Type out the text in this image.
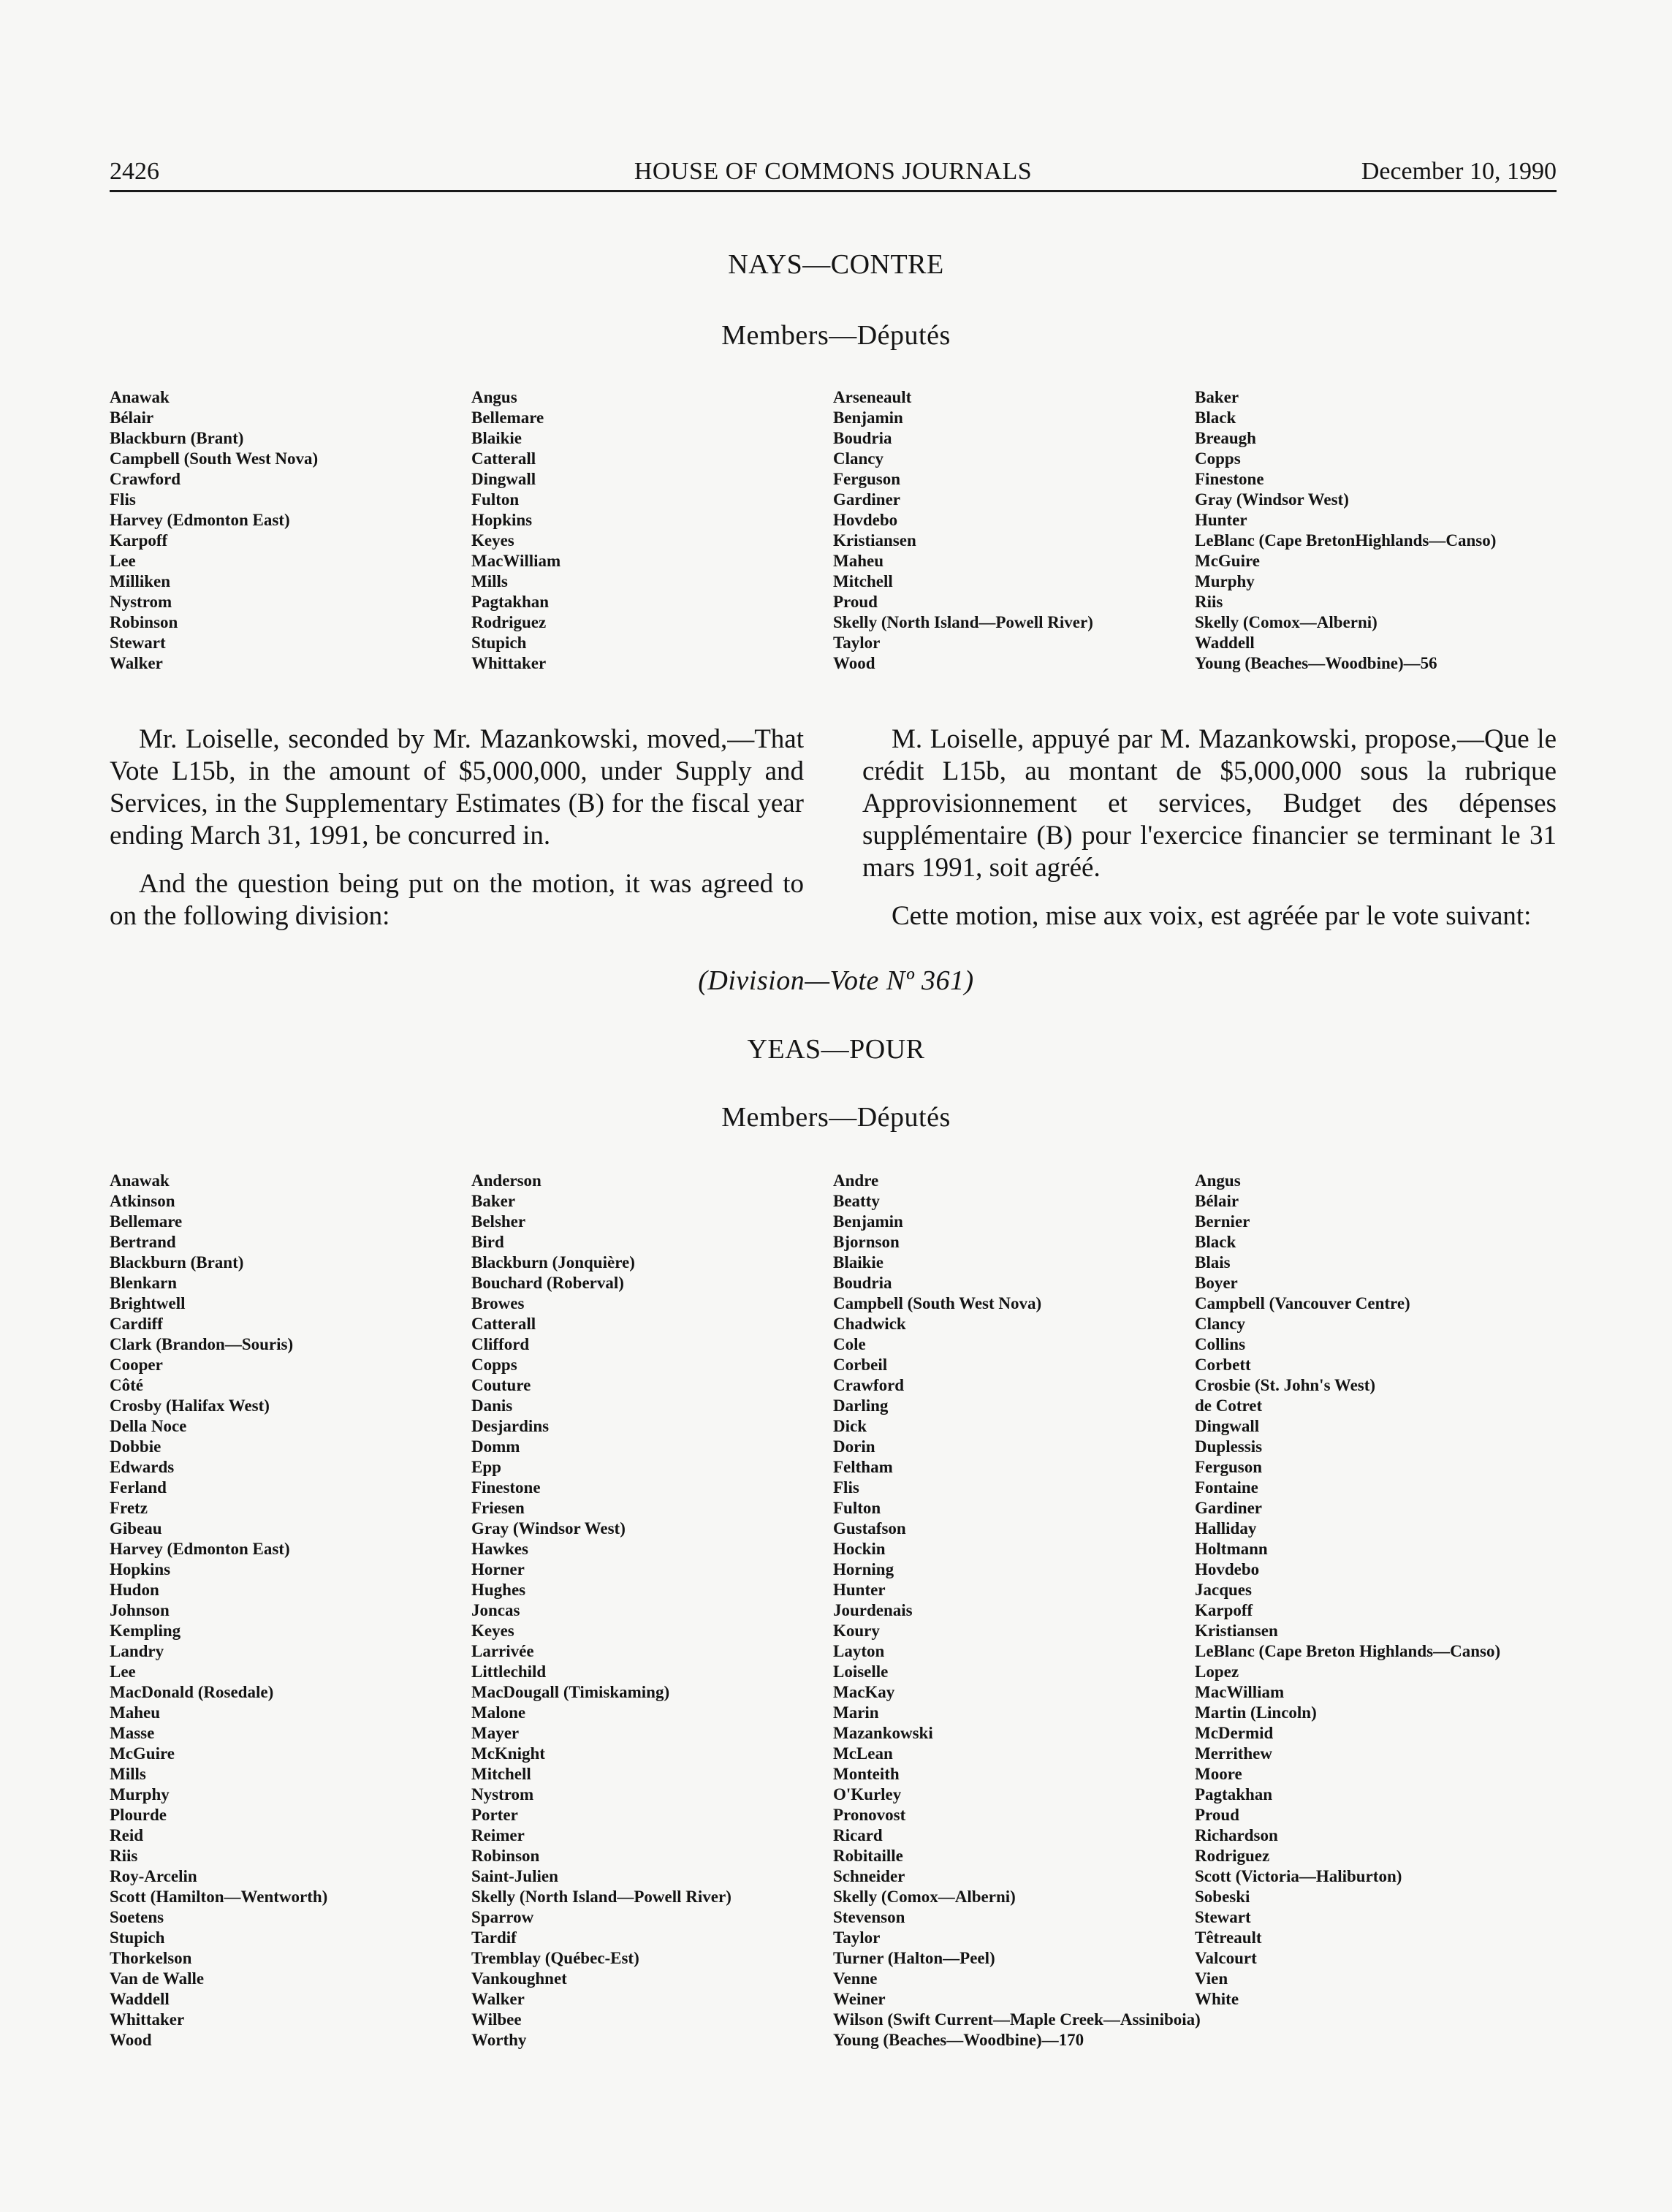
2426	HOUSE OF COMMONS JOURNALS	December 10, 1990
NAYS—CONTRE
Members—Députés
Anawak
Bélair
Blackburn (Brant)
Campbell (South West Nova)
Crawford
Flis
Harvey (Edmonton East)
Karpoff
Lee
Milliken
Nystrom
Robinson
Stewart
Walker
Angus
Bellemare
Blaikie
Catterall
Dingwall
Fulton
Hopkins
Keyes
MacWilliam
Mills
Pagtakhan
Rodriguez
Stupich
Whittaker
Arseneault
Benjamin
Boudria
Clancy
Ferguson
Gardiner
Hovdebo
Kristiansen
Maheu
Mitchell
Proud
Skelly (North Island—Powell River)
Taylor
Wood
Baker
Black
Breaugh
Copps
Finestone
Gray (Windsor West)
Hunter
LeBlanc (Cape BretonHighlands—Canso)
McGuire
Murphy
Riis
Skelly (Comox—Alberni)
Waddell
Young (Beaches—Woodbine)—56

Mr. Loiselle, seconded by Mr. Mazankowski, moved,—That Vote L15b, in the amount of $5,000,000, under Supply and Services, in the Supplementary Estimates (B) for the fiscal year ending March 31, 1991, be concurred in.

And the question being put on the motion, it was agreed to on the following division:

M. Loiselle, appuyé par M. Mazankowski, propose,—Que le crédit L15b, au montant de $5,000,000 sous la rubrique Approvisionnement et services, Budget des dépenses supplémentaire (B) pour l'exercice financier se terminant le 31 mars 1991, soit agréé.

Cette motion, mise aux voix, est agréée par le vote suivant:

(Division—Vote Nº 361)
YEAS—POUR
Members—Députés
Anawak
Atkinson
Bellemare
Bertrand
Blackburn (Brant)
Blenkarn
Brightwell
Cardiff
Clark (Brandon—Souris)
Cooper
Côté
Crosby (Halifax West)
Della Noce
Dobbie
Edwards
Ferland
Fretz
Gibeau
Harvey (Edmonton East)
Hopkins
Hudon
Johnson
Kempling
Landry
Lee
MacDonald (Rosedale)
Maheu
Masse
McGuire
Mills
Murphy
Plourde
Reid
Riis
Roy-Arcelin
Scott (Hamilton—Wentworth)
Soetens
Stupich
Thorkelson
Van de Walle
Waddell
Whittaker
Wood
Anderson
Baker
Belsher
Bird
Blackburn (Jonquière)
Bouchard (Roberval)
Browes
Catterall
Clifford
Copps
Couture
Danis
Desjardins
Domm
Epp
Finestone
Friesen
Gray (Windsor West)
Hawkes
Horner
Hughes
Joncas
Keyes
Larrivée
Littlechild
MacDougall (Timiskaming)
Malone
Mayer
McKnight
Mitchell
Nystrom
Porter
Reimer
Robinson
Saint-Julien
Skelly (North Island—Powell River)
Sparrow
Tardif
Tremblay (Québec-Est)
Vankoughnet
Walker
Wilbee
Worthy
Andre
Beatty
Benjamin
Bjornson
Blaikie
Boudria
Campbell (South West Nova)
Chadwick
Cole
Corbeil
Crawford
Darling
Dick
Dorin
Feltham
Flis
Fulton
Gustafson
Hockin
Horning
Hunter
Jourdenais
Koury
Layton
Loiselle
MacKay
Marin
Mazankowski
McLean
Monteith
O'Kurley
Pronovost
Ricard
Robitaille
Schneider
Skelly (Comox—Alberni)
Stevenson
Taylor
Turner (Halton—Peel)
Venne
Weiner
Wilson (Swift Current—Maple Creek—Assiniboia)
Young (Beaches—Woodbine)—170
Angus
Bélair
Bernier
Black
Blais
Boyer
Campbell (Vancouver Centre)
Clancy
Collins
Corbett
Crosbie (St. John's West)
de Cotret
Dingwall
Duplessis
Ferguson
Fontaine
Gardiner
Halliday
Holtmann
Hovdebo
Jacques
Karpoff
Kristiansen
LeBlanc (Cape Breton Highlands—Canso)
Lopez
MacWilliam
Martin (Lincoln)
McDermid
Merrithew
Moore
Pagtakhan
Proud
Richardson
Rodriguez
Scott (Victoria—Haliburton)
Sobeski
Stewart
Têtreault
Valcourt
Vien
White
